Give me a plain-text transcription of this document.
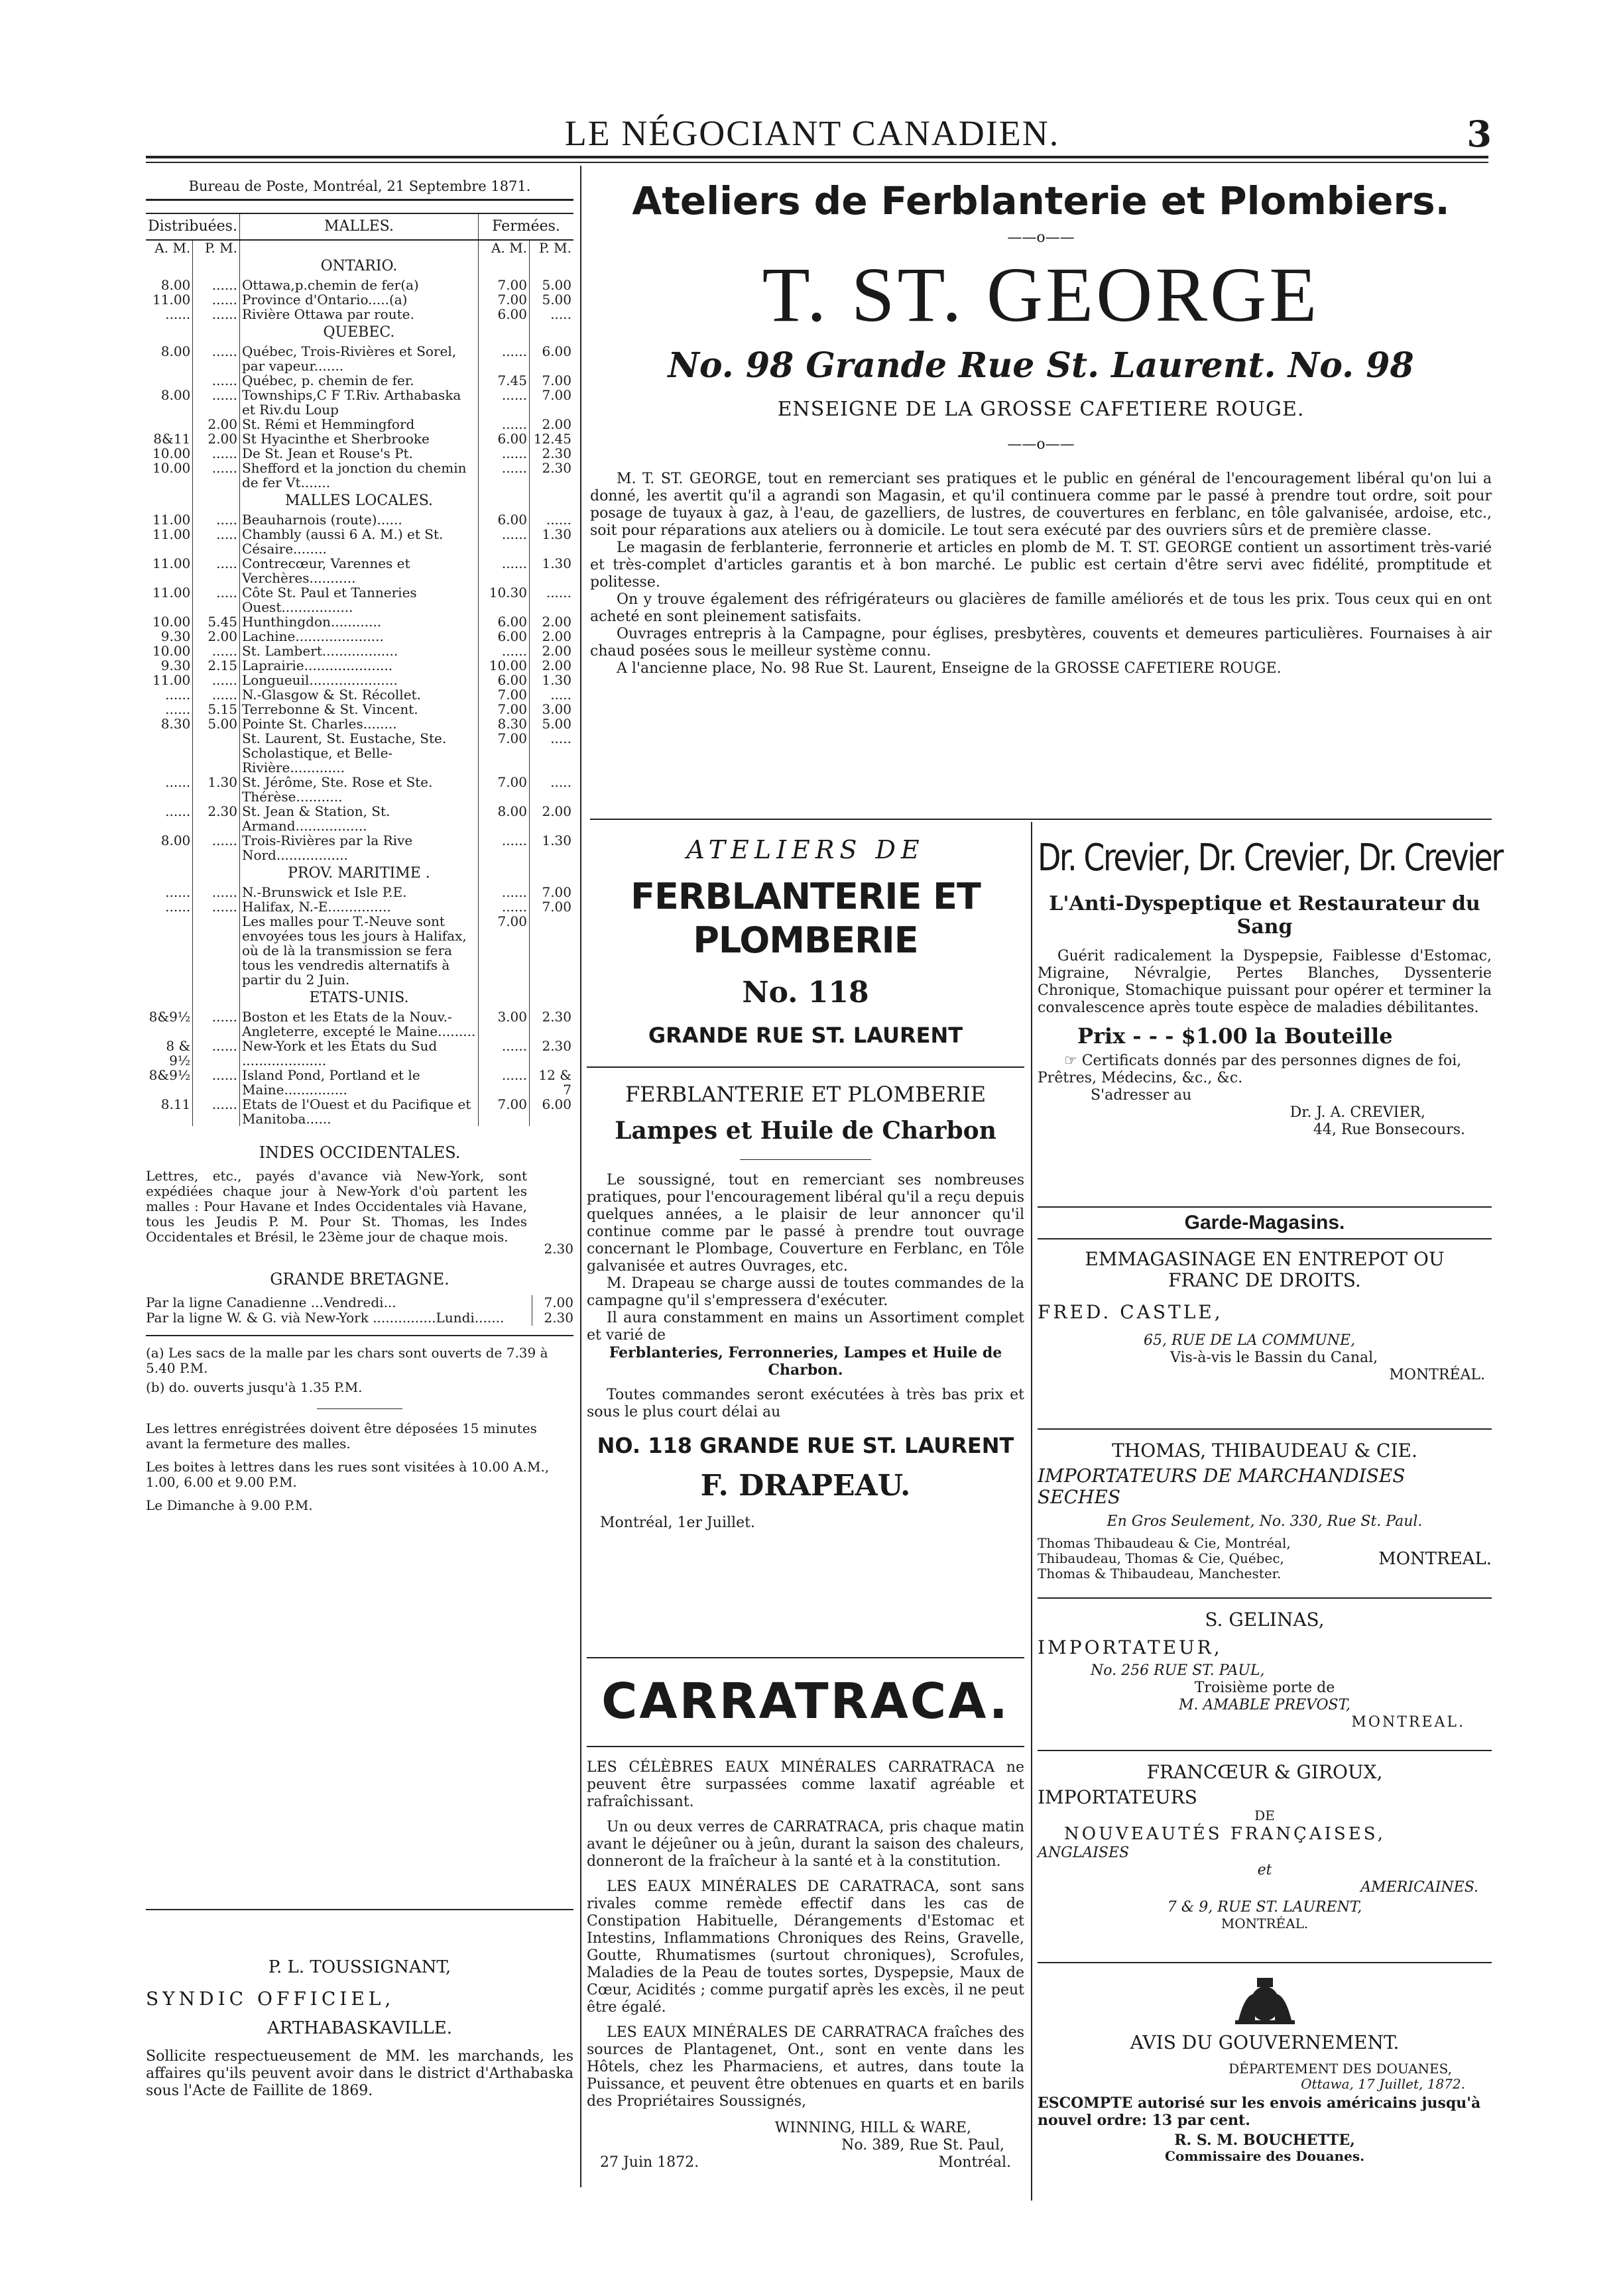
LE NÉGOCIANT CANADIEN.	3
Bureau de Poste, Montréal, 21 Septembre 1871.
Distribuées.		MALLES.	Fermées.	
A. M.	P. M.		A. M.	P. M.
		ONTARIO.		
8.00	......	Ottawa,p.chemin de fer(a)	7.00	5.00
11.00	......	Province d'Ontario.....(a)	7.00	5.00
......	......	Rivière Ottawa par route.	6.00	.....
		QUEBEC.		
8.00	......	Québec, Trois-Rivières et Sorel, par vapeur.......	......	6.00
	......	Québec, p. chemin de fer.	7.45	7.00
8.00	......	Townships,C F T.Riv. Arthabaska et Riv.du Loup	......	7.00
	2.00	St. Rémi et Hemmingford	......	2.00
8&11	2.00	St Hyacinthe et Sherbrooke	6.00	12.45
10.00	......	De St. Jean et Rouse's Pt.	......	2.30
10.00	......	Shefford et la jonction du chemin de fer Vt.......	......	2.30
		MALLES LOCALES.		
11.00	.....	Beauharnois (route)......	6.00	......
11.00	.....	Chambly (aussi 6 A. M.) et St. Césaire........	......	1.30
11.00	.....	Contrecœur, Varennes et Verchères...........	......	1.30
11.00	.....	Côte St. Paul et Tanneries Ouest.................	10.30	......
10.00	5.45	Hunthingdon............	6.00	2.00
9.30	2.00	Lachine.....................	6.00	2.00
10.00	......	St. Lambert..................	......	2.00
9.30	2.15	Laprairie.....................	10.00	2.00
11.00	......	Longueuil.....................	6.00	1.30
......	......	N.-Glasgow & St. Récollet.	7.00	.....
......	5.15	Terrebonne & St. Vincent.	7.00	3.00
8.30	5.00	Pointe St. Charles........	8.30	5.00
		St. Laurent, St. Eustache, Ste. Scholastique, et Belle-Rivière.............	7.00	.....
......	1.30	St. Jérôme, Ste. Rose et Ste. Thérèse...........	7.00	.....
......	2.30	St. Jean & Station, St. Armand.................	8.00	2.00
8.00	......	Trois-Rivières par la Rive Nord.................	......	1.30
		PROV. MARITIME .		
......	......	N.-Brunswick et Isle P.E.	......	7.00
......	......	Halifax, N.-E...............	......	7.00
		Les malles pour T.-Neuve sont envoyées tous les jours à Halifax, où de là la transmission se fera tous les vendredis alternatifs à partir du 2 Juin.	7.00	
		ETATS-UNIS.		
8&9½	......	Boston et les Etats de la Nouv.-Angleterre, excepté le Maine.........	3.00	2.30
8 & 9½	......	New-York et les Etats du Sud ....................	......	2.30
8&9½	......	Island Pond, Portland et le Maine...............	......	12 & 7
8.11	......	Etats de l'Ouest et du Pacifique et Manitoba......	7.00	6.00
INDES OCCIDENTALES.
Lettres, etc., payés d'avance vià New-York, sont expédiées chaque jour à New-York d'où partent les malles : Pour Havane et Indes Occidentales vià Havane, tous les Jeudis P. M. Pour St. Thomas, les Indes Occidentales et Brésil, le 23ème jour de chaque mois.
2.30
GRANDE BRETAGNE.
Par la ligne Canadienne ...Vendredi...	7.00
Par la ligne W. & G. vià New-York ...............Lundi.......	2.30
(a) Les sacs de la malle par les chars sont ouverts de 7.39 à 5.40 P.M.
(b) do. ouverts jusqu'à 1.35 P.M.
Les lettres enrégistrées doivent être déposées 15 minutes avant la fermeture des malles.
Les boites à lettres dans les rues sont visitées à 10.00 A.M., 1.00, 6.00 et 9.00 P.M.
Le Dimanche à 9.00 P.M.
P. L. TOUSSIGNANT,
SYNDIC OFFICIEL,
ARTHABASKAVILLE.
Sollicite respectueusement de MM. les marchands, les affaires qu'ils peuvent avoir dans le district d'Arthabaska sous l'Acte de Faillite de 1869.
Ateliers de Ferblanterie et Plombiers.
——o——
T. ST. GEORGE
No. 98 Grande Rue St. Laurent. No. 98
ENSEIGNE DE LA GROSSE CAFETIERE ROUGE.
——o——
M. T. ST. GEORGE, tout en remerciant ses pratiques et le public en général de l'encouragement libéral qu'on lui a donné, les avertit qu'il a agrandi son Magasin, et qu'il continuera comme par le passé à prendre tout ordre, soit pour posage de tuyaux à gaz, à l'eau, de gazelliers, de lustres, de couvertures en ferblanc, en tôle galvanisée, ardoise, etc., soit pour réparations aux ateliers ou à domicile. Le tout sera exécuté par des ouvriers sûrs et de première classe.
Le magasin de ferblanterie, ferronnerie et articles en plomb de M. T. ST. GEORGE contient un assortiment très-varié et très-complet d'articles garantis et à bon marché. Le public est certain d'être servi avec fidélité, promptitude et politesse.
On y trouve également des réfrigérateurs ou glacières de famille améliorés et de tous les prix. Tous ceux qui en ont acheté en sont pleinement satisfaits.
Ouvrages entrepris à la Campagne, pour églises, presbytères, couvents et demeures particulières. Fournaises à air chaud posées sous le meilleur système connu.
A l'ancienne place, No. 98 Rue St. Laurent, Enseigne de la GROSSE CAFETIERE ROUGE.
ATELIERS DE
FERBLANTERIE ET PLOMBERIE
No. 118
GRANDE RUE ST. LAURENT
FERBLANTERIE ET PLOMBERIE
Lampes et Huile de Charbon
Le soussigné, tout en remerciant ses nombreuses pratiques, pour l'encouragement libéral qu'il a reçu depuis quelques années, a le plaisir de leur annoncer qu'il continue comme par le passé à prendre tout ouvrage concernant le Plombage, Couverture en Ferblanc, en Tôle galvanisée et autres Ouvrages, etc.
M. Drapeau se charge aussi de toutes commandes de la campagne qu'il s'empressera d'exécuter.
Il aura constamment en mains un Assortiment complet et varié de
Ferblanteries, Ferronneries, Lampes et Huile de Charbon.
Toutes commandes seront exécutées à très bas prix et sous le plus court délai au
NO. 118 GRANDE RUE ST. LAURENT
F. DRAPEAU.
Montréal, 1er Juillet.
CARRATRACA.
LES CÉLÈBRES EAUX MINÉRALES CARRATRACA ne peuvent être surpassées comme laxatif agréable et rafraîchissant.
Un ou deux verres de CARRATRACA, pris chaque matin avant le déjeûner ou à jeûn, durant la saison des chaleurs, donneront de la fraîcheur à la santé et à la constitution.
LES EAUX MINÉRALES DE CARATRACA, sont sans rivales comme remède effectif dans les cas de Constipation Habituelle, Dérangements d'Estomac et Intestins, Inflammations Chroniques des Reins, Gravelle, Goutte, Rhumatismes (surtout chroniques), Scrofules, Maladies de la Peau de toutes sortes, Dyspepsie, Maux de Cœur, Acidités ; comme purgatif après les excès, il ne peut être égalé.
LES EAUX MINÉRALES DE CARRATRACA fraîches des sources de Plantagenet, Ont., sont en vente dans les Hôtels, chez les Pharmaciens, et autres, dans toute la Puissance, et peuvent être obtenues en quarts et en barils des Propriétaires Soussignés,
WINNING, HILL & WARE,
No. 389, Rue St. Paul,
27 Juin 1872.	Montréal.
Dr. Crevier, Dr. Crevier, Dr. Crevier
L'Anti-Dyspeptique et Restaurateur du Sang
Guérit radicalement la Dyspepsie, Faiblesse d'Estomac, Migraine, Névralgie, Pertes Blanches, Dyssenterie Chronique, Stomachique puissant pour opérer et terminer la convalescence après toute espèce de maladies débilitantes.
Prix - - - $1.00 la Bouteille
☞ Certificats donnés par des personnes dignes de foi, Prêtres, Médecins, &c., &c.
S'adresser au
Dr. J. A. CREVIER,
44, Rue Bonsecours.
Garde-Magasins.
EMMAGASINAGE EN ENTREPOT OU
FRANC DE DROITS.
FRED. CASTLE,
65, RUE DE LA COMMUNE,
Vis-à-vis le Bassin du Canal,
MONTRÉAL.
THOMAS, THIBAUDEAU & CIE.
IMPORTATEURS DE MARCHANDISES SECHES
En Gros Seulement, No. 330, Rue St. Paul.
Thomas Thibaudeau & Cie, Montréal,
Thibaudeau, Thomas & Cie, Québec,
Thomas & Thibaudeau, Manchester.
MONTREAL.
S. GELINAS,
IMPORTATEUR,
No. 256 RUE ST. PAUL,
Troisième porte de
M. AMABLE PREVOST,
MONTREAL.
FRANCŒUR & GIROUX,
IMPORTATEURS
DE
NOUVEAUTÉS FRANÇAISES,
ANGLAISES
et
AMERICAINES.
7 & 9, RUE ST. LAURENT,
MONTRÉAL.
AVIS DU GOUVERNEMENT.
DÉPARTEMENT DES DOUANES,
Ottawa, 17 Juillet, 1872.
ESCOMPTE autorisé sur les envois américains jusqu'à nouvel ordre: 13 par cent.
R. S. M. BOUCHETTE,
Commissaire des Douanes.
